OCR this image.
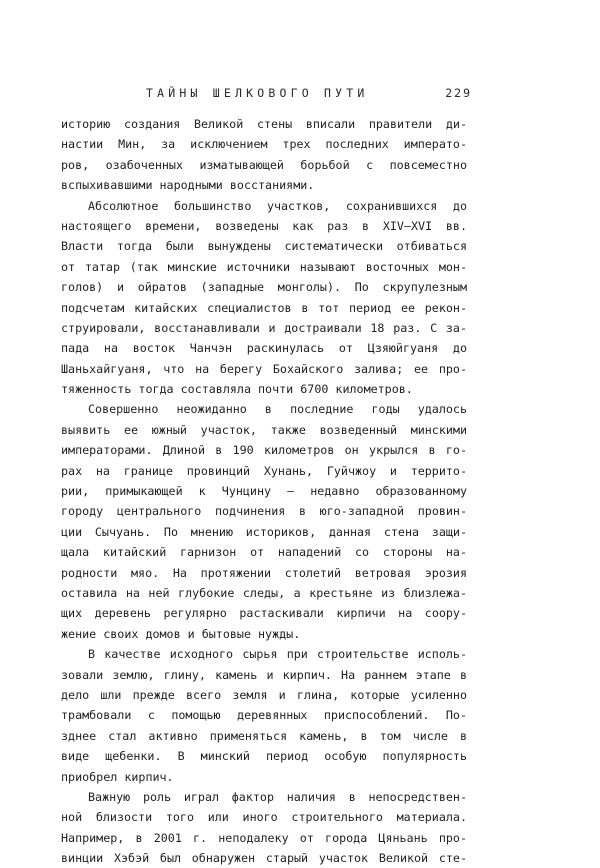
ТАЙНЫ ШЕЛКОВОГО ПУТИ	229
историю создания Великой стены вписали правители ди-
настии Мин, за исключением трех последних императо-
ров, озабоченных изматывающей борьбой с повсеместно
вспыхивавшими народными восстаниями.
Абсолютное большинство участков, сохранившихся до
настоящего времени, возведены как раз в XIV—XVI вв.
Власти тогда были вынуждены систематически отбиваться
от татар (так минские источники называют восточных мон-
голов) и ойратов (западные монголы). По скрупулезным
подсчетам китайских специалистов в тот период ее рекон-
струировали, восстанавливали и достраивали 18 раз. С за-
пада на восток Чанчэн раскинулась от Цзяюйгуаня до
Шаньхайгуаня, что на берегу Бохайского залива; ее про-
тяженность тогда составляла почти 6700 километров.
Совершенно неожиданно в последние годы удалось
выявить ее южный участок, также возведенный минскими
императорами. Длиной в 190 километров он укрылся в го-
рах на границе провинций Хунань, Гуйчжоу и террито-
рии, примыкающей к Чунцину — недавно образованному
городу центрального подчинения в юго-западной провин-
ции Сычуань. По мнению историков, данная стена защи-
щала китайский гарнизон от нападений со стороны на-
родности мяо. На протяжении столетий ветровая эрозия
оставила на ней глубокие следы, а крестьяне из близлежа-
щих деревень регулярно растаскивали кирпичи на соору-
жение своих домов и бытовые нужды.
В качестве исходного сырья при строительстве исполь-
зовали землю, глину, камень и кирпич. На раннем этапе в
дело шли прежде всего земля и глина, которые усиленно
трамбовали с помощью деревянных приспособлений. По-
зднее стал активно применяться камень, в том числе в
виде щебенки. В минский период особую популярность
приобрел кирпич.
Важную роль играл фактор наличия в непосредствен-
ной близости того или иного строительного материала.
Например, в 2001 г. неподалеку от города Цяньань про-
винции Хэбэй был обнаружен старый участок Великой сте-
